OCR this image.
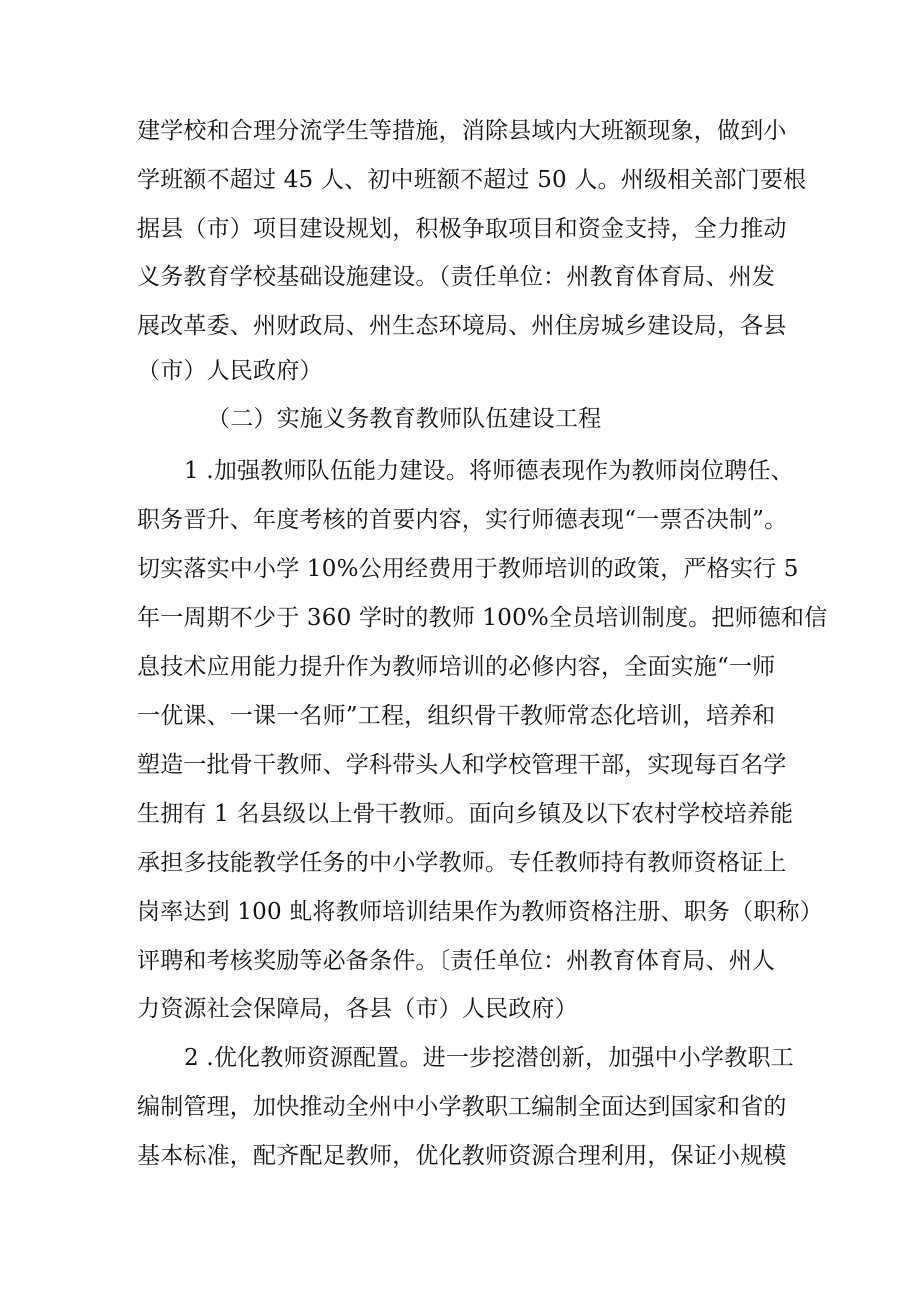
建学校和合理分流学生等措施，消除县域内大班额现象，做到小
学班额不超过 45 人、初中班额不超过 50 人。州级相关部门要根
据县（市）项目建设规划，积极争取项目和资金支持，全力推动
义务教育学校基础设施建设。（责任单位：州教育体育局、州发
展改革委、州财政局、州生态环境局、州住房城乡建设局，各县
（市）人民政府）
（二）实施义务教育教师队伍建设工程
1 .加强教师队伍能力建设。将师德表现作为教师岗位聘任、
职务晋升、年度考核的首要内容，实行师德表现“一票否决制”。
切实落实中小学 10%公用经费用于教师培训的政策，严格实行 5
年一周期不少于 360 学时的教师 100%全员培训制度。把师德和信
息技术应用能力提升作为教师培训的必修内容，全面实施“一师
一优课、一课一名师”工程，组织骨干教师常态化培训，培养和
塑造一批骨干教师、学科带头人和学校管理干部，实现每百名学
生拥有 1 名县级以上骨干教师。面向乡镇及以下农村学校培养能
承担多技能教学任务的中小学教师。专任教师持有教师资格证上
岗率达到 100 虬将教师培训结果作为教师资格注册、职务（职称）
评聘和考核奖励等必备条件。〔责任单位：州教育体育局、州人
力资源社会保障局，各县（市）人民政府）
2 .优化教师资源配置。进一步挖潜创新，加强中小学教职工
编制管理，加快推动全州中小学教职工编制全面达到国家和省的
基本标准，配齐配足教师，优化教师资源合理利用，保证小规模
